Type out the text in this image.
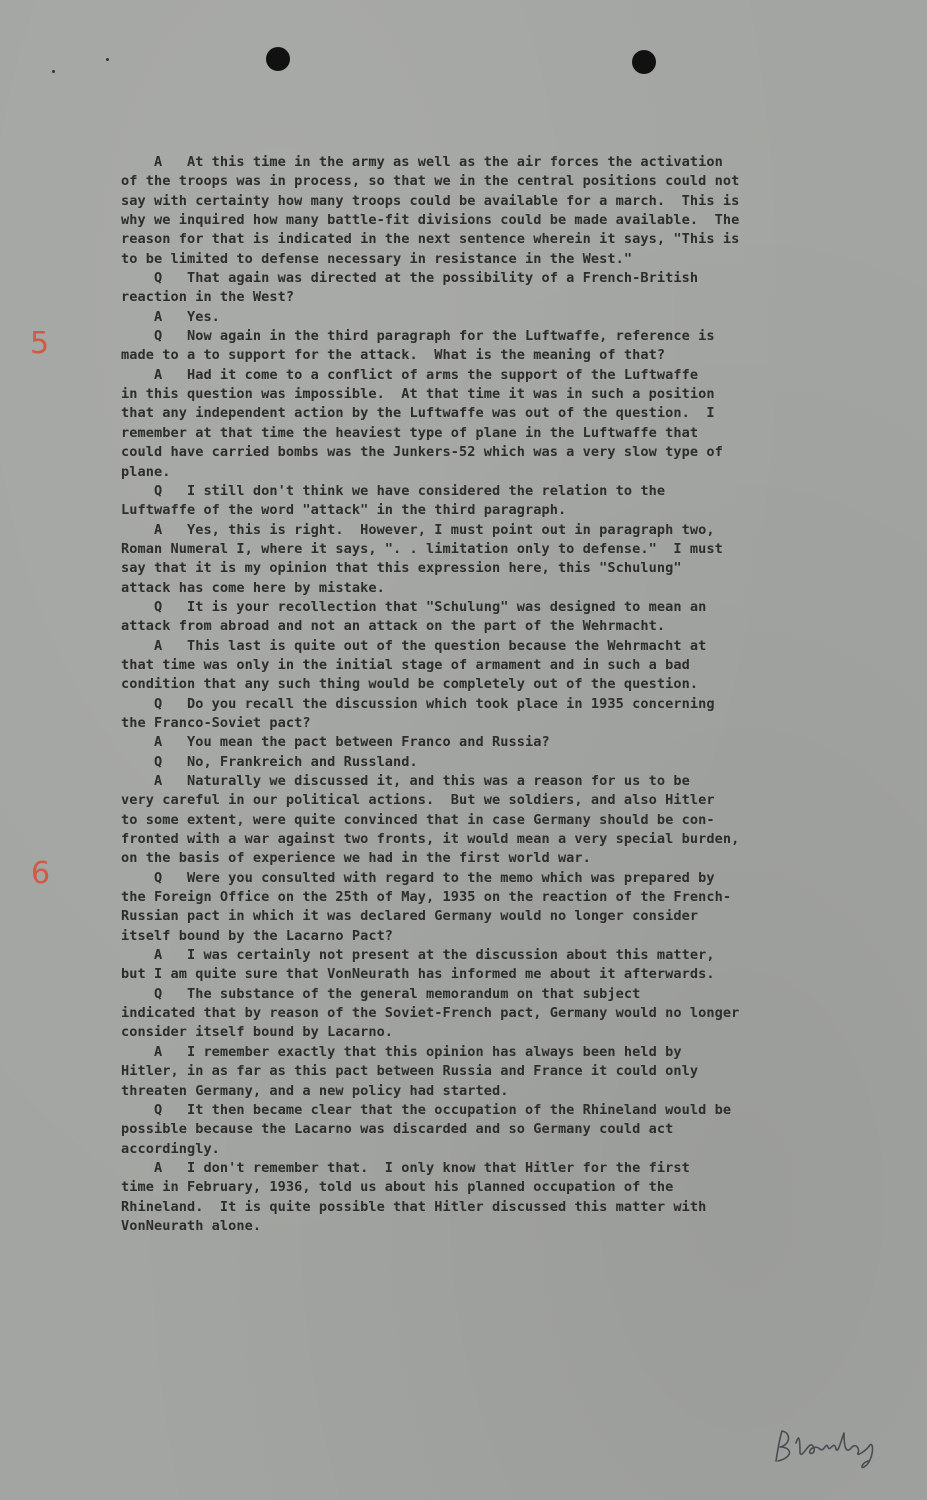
5
6
A   At this time in the army as well as the air forces the activation
of the troops was in process, so that we in the central positions could not
say with certainty how many troops could be available for a march.  This is
why we inquired how many battle-fit divisions could be made available.  The
reason for that is indicated in the next sentence wherein it says, "This is
to be limited to defense necessary in resistance in the West."
Q   That again was directed at the possibility of a French-British
reaction in the West?
A   Yes.
Q   Now again in the third paragraph for the Luftwaffe, reference is
made to a to support for the attack.  What is the meaning of that?
A   Had it come to a conflict of arms the support of the Luftwaffe
in this question was impossible.  At that time it was in such a position
that any independent action by the Luftwaffe was out of the question.  I
remember at that time the heaviest type of plane in the Luftwaffe that
could have carried bombs was the Junkers-52 which was a very slow type of
plane.
Q   I still don't think we have considered the relation to the
Luftwaffe of the word "attack" in the third paragraph.
A   Yes, this is right.  However, I must point out in paragraph two,
Roman Numeral I, where it says, ". . limitation only to defense."  I must
say that it is my opinion that this expression here, this "Schulung"
attack has come here by mistake.
Q   It is your recollection that "Schulung" was designed to mean an
attack from abroad and not an attack on the part of the Wehrmacht.
A   This last is quite out of the question because the Wehrmacht at
that time was only in the initial stage of armament and in such a bad
condition that any such thing would be completely out of the question.
Q   Do you recall the discussion which took place in 1935 concerning
the Franco-Soviet pact?
A   You mean the pact between Franco and Russia?
Q   No, Frankreich and Russland.
A   Naturally we discussed it, and this was a reason for us to be
very careful in our political actions.  But we soldiers, and also Hitler
to some extent, were quite convinced that in case Germany should be con-
fronted with a war against two fronts, it would mean a very special burden,
on the basis of experience we had in the first world war.
Q   Were you consulted with regard to the memo which was prepared by
the Foreign Office on the 25th of May, 1935 on the reaction of the French-
Russian pact in which it was declared Germany would no longer consider
itself bound by the Lacarno Pact?
A   I was certainly not present at the discussion about this matter,
but I am quite sure that VonNeurath has informed me about it afterwards.
Q   The substance of the general memorandum on that subject
indicated that by reason of the Soviet-French pact, Germany would no longer
consider itself bound by Lacarno.
A   I remember exactly that this opinion has always been held by
Hitler, in as far as this pact between Russia and France it could only
threaten Germany, and a new policy had started.
Q   It then became clear that the occupation of the Rhineland would be
possible because the Lacarno was discarded and so Germany could act
accordingly.
A   I don't remember that.  I only know that Hitler for the first
time in February, 1936, told us about his planned occupation of the
Rhineland.  It is quite possible that Hitler discussed this matter with
VonNeurath alone.
